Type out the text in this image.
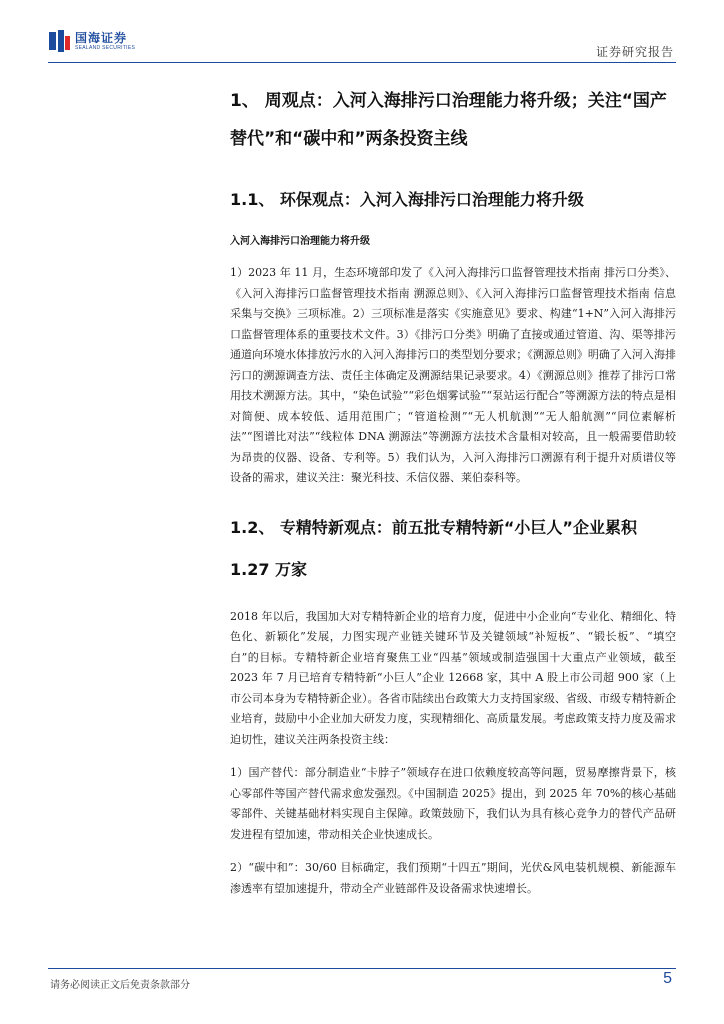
国海证券
SEALAND SECURITIES	证券研究报告
1、 周观点：入河入海排污口治理能力将升级；关注“国产替代”和“碳中和”两条投资主线
1.1、 环保观点：入河入海排污口治理能力将升级
入河入海排污口治理能力将升级

1）2023 年 11 月，生态环境部印发了《入河入海排污口监督管理技术指南 排污口分类》、《入河入海排污口监督管理技术指南 溯源总则》、《入河入海排污口监督管理技术指南 信息采集与交换》三项标准。2）三项标准是落实《实施意见》要求、构建“1+N”入河入海排污口监督管理体系的重要技术文件。3）《排污口分类》明确了直接或通过管道、沟、渠等排污通道向环境水体排放污水的入河入海排污口的类型划分要求；《溯源总则》明确了入河入海排污口的溯源调查方法、责任主体确定及溯源结果记录要求。4）《溯源总则》推荐了排污口常用技术溯源方法。其中，“染色试验”“彩色烟雾试验”“泵站运行配合”等溯源方法的特点是相对简便、成本较低、适用范围广；“管道检测”“无人机航测”“无人船航测”“同位素解析法”“图谱比对法”“线粒体 DNA 溯源法”等溯源方法技术含量相对较高，且一般需要借助较为昂贵的仪器、设备、专利等。5）我们认为，入河入海排污口溯源有利于提升对质谱仪等设备的需求，建议关注：聚光科技、禾信仪器、莱伯泰科等。

1.2、 专精特新观点：前五批专精特新“小巨人”企业累积 1.27 万家

2018 年以后，我国加大对专精特新企业的培育力度，促进中小企业向“专业化、精细化、特色化、新颖化”发展，力图实现产业链关键环节及关键领域“补短板”、“锻长板”、“填空白”的目标。专精特新企业培育聚焦工业“四基”领域或制造强国十大重点产业领域，截至 2023 年 7 月已培育专精特新“小巨人”企业 12668 家，其中 A 股上市公司超 900 家（上市公司本身为专精特新企业）。各省市陆续出台政策大力支持国家级、省级、市级专精特新企业培育，鼓励中小企业加大研发力度，实现精细化、高质量发展。考虑政策支持力度及需求迫切性，建议关注两条投资主线：

1）国产替代：部分制造业“卡脖子”领域存在进口依赖度较高等问题，贸易摩擦背景下，核心零部件等国产替代需求愈发强烈。《中国制造 2025》提出，到 2025 年 70%的核心基础零部件、关键基础材料实现自主保障。政策鼓励下，我们认为具有核心竞争力的替代产品研发进程有望加速，带动相关企业快速成长。

2）“碳中和”：30/60 目标确定，我们预期“十四五”期间，光伏&风电装机规模、新能源车渗透率有望加速提升，带动全产业链部件及设备需求快速增长。

请务必阅读正文后免责条款部分	5
